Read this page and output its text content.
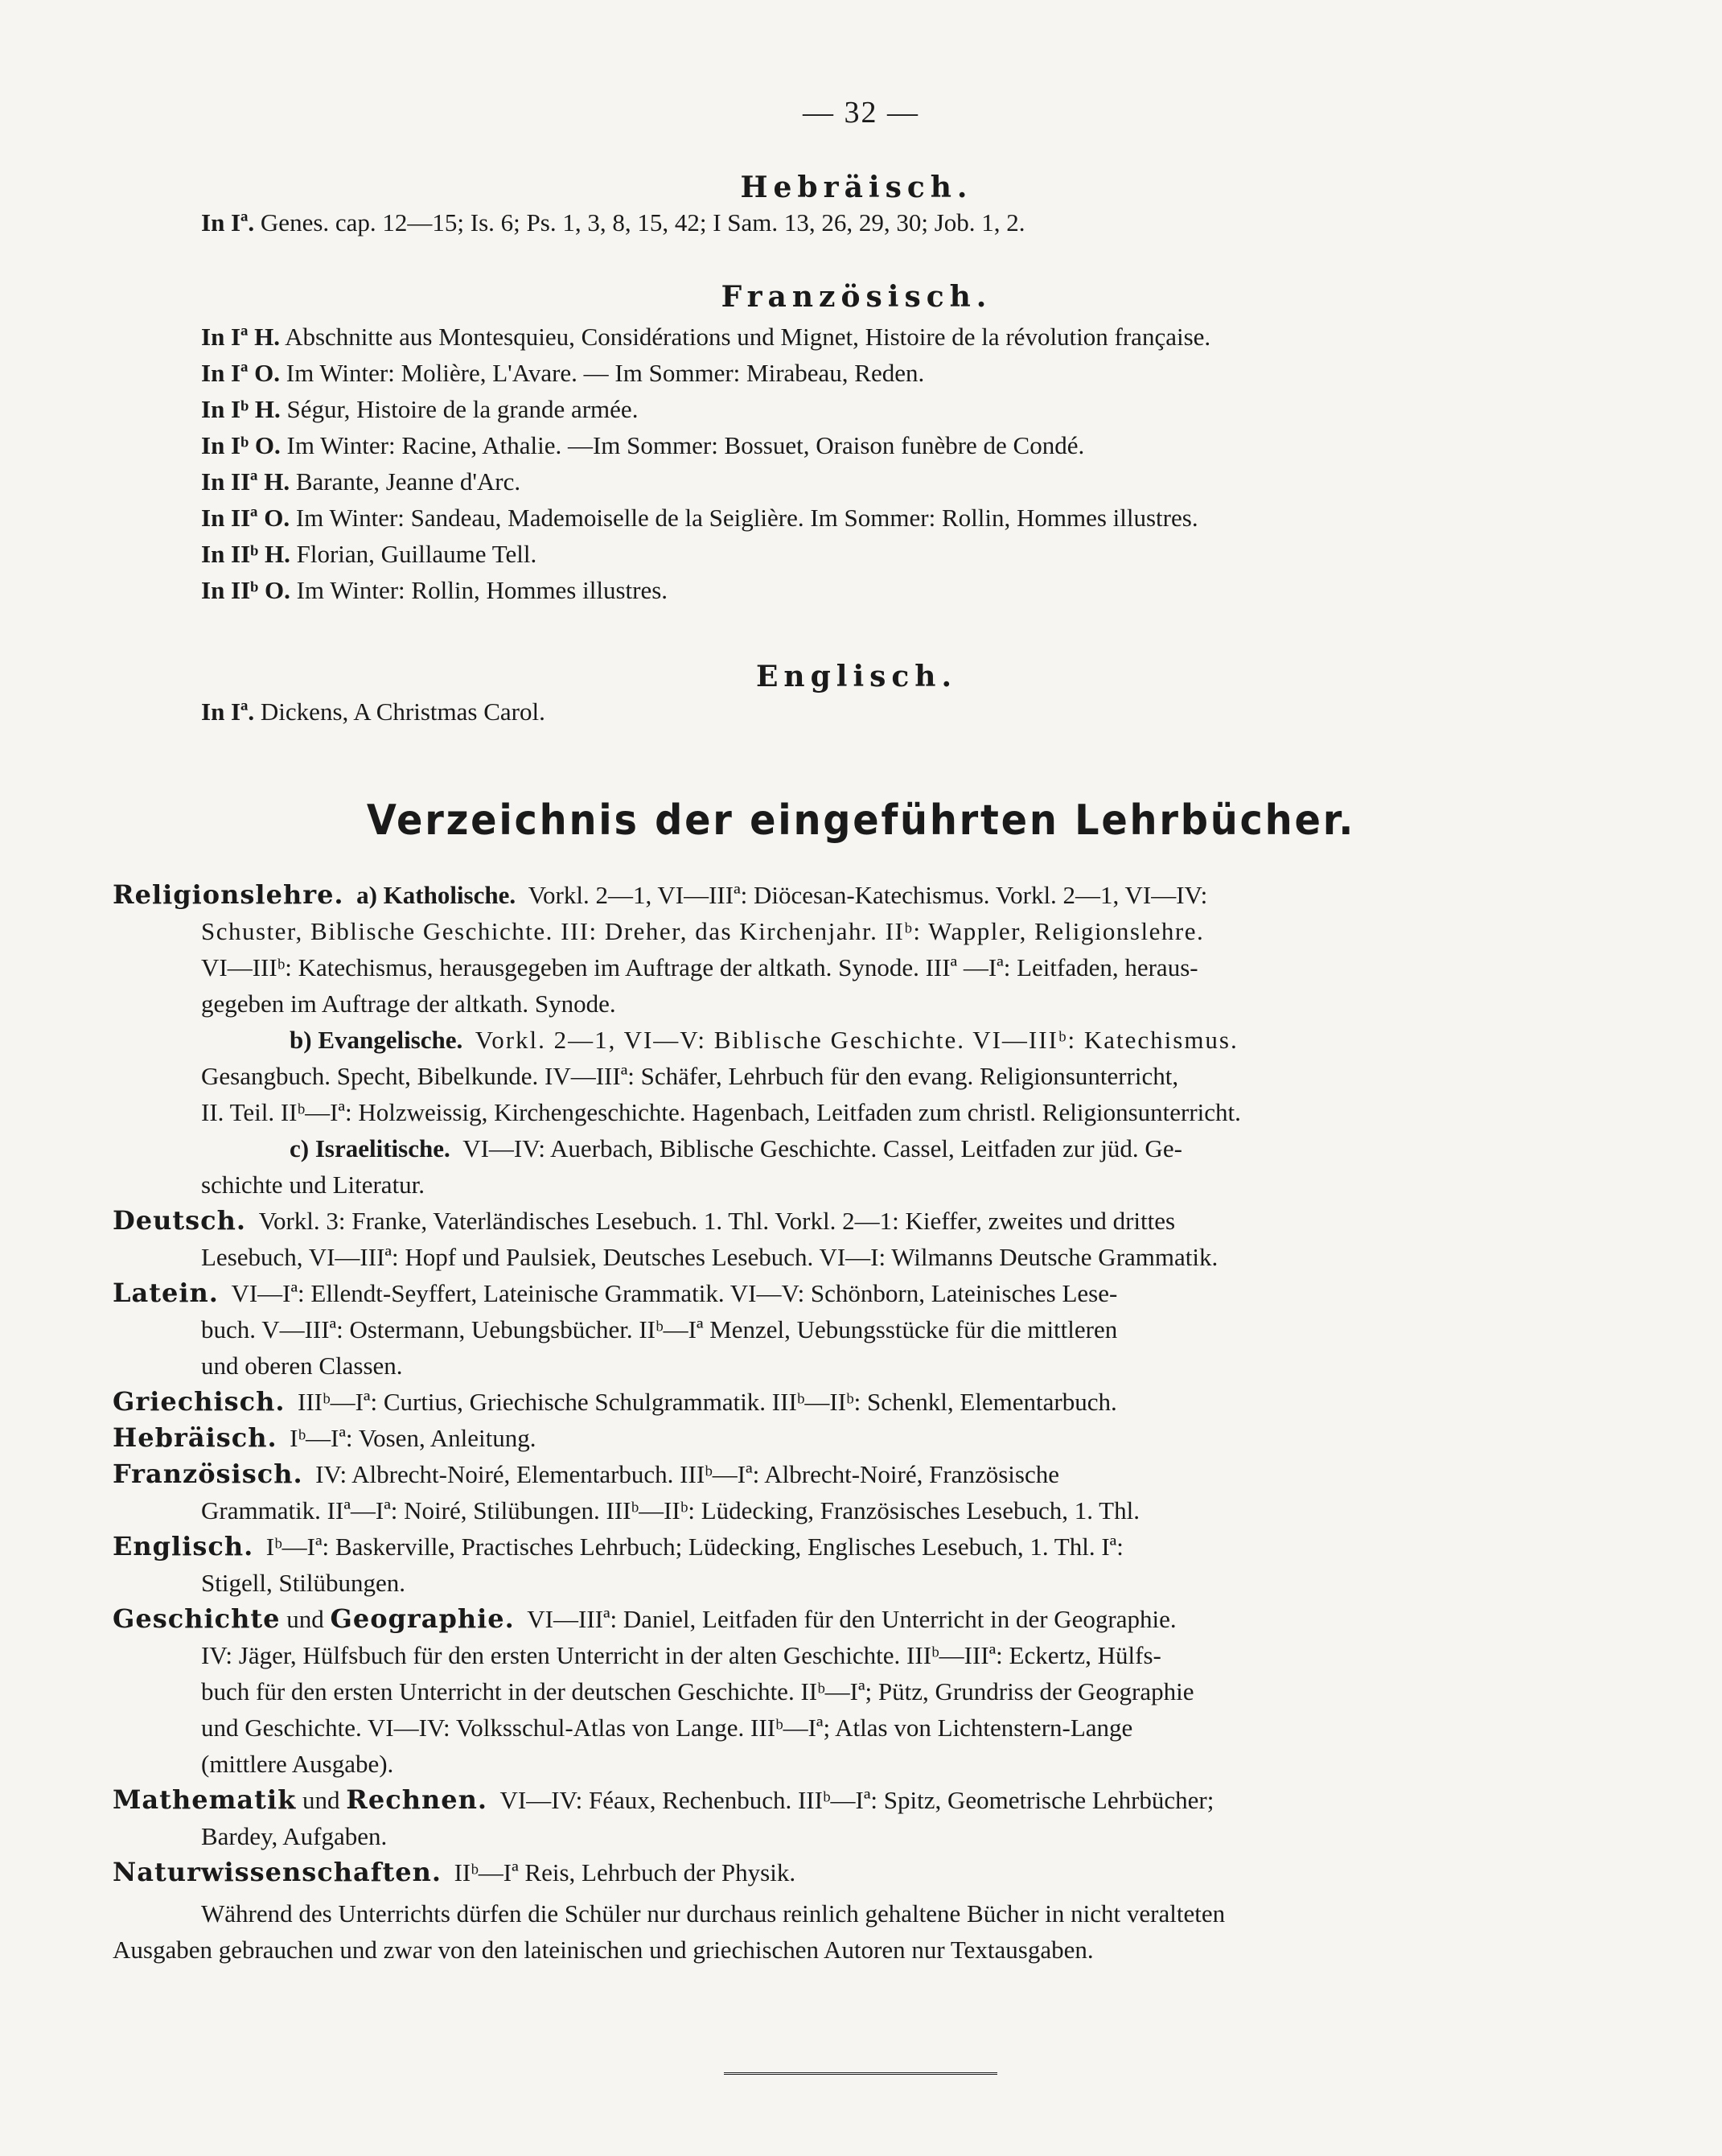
— 32 —
Hebräisch.
In Iª. Genes. cap. 12—15; Is. 6; Ps. 1, 3, 8, 15, 42; I Sam. 13, 26, 29, 30; Job. 1, 2.
Französisch.
In Iª H. Abschnitte aus Montesquieu, Considérations und Mignet, Histoire de la révolution française.
In Iª O. Im Winter: Molière, L'Avare. — Im Sommer: Mirabeau, Reden.
In Iᵇ H. Ségur, Histoire de la grande armée.
In Iᵇ O. Im Winter: Racine, Athalie. —Im Sommer: Bossuet, Oraison funèbre de Condé.
In IIª H. Barante, Jeanne d'Arc.
In IIª O. Im Winter: Sandeau, Mademoiselle de la Seiglière. Im Sommer: Rollin, Hommes illustres.
In IIᵇ H. Florian, Guillaume Tell.
In IIᵇ O. Im Winter: Rollin, Hommes illustres.
Englisch.
In Iª. Dickens, A Christmas Carol.
Verzeichnis der eingeführten Lehrbücher.
Religionslehre. a) Katholische. Vorkl. 2—1, VI—IIIª: Diöcesan-Katechismus. Vorkl. 2—1, VI—IV:
Schuster, Biblische Geschichte. III: Dreher, das Kirchenjahr. IIᵇ: Wappler, Religionslehre.
VI—IIIᵇ: Katechismus, herausgegeben im Auftrage der altkath. Synode. IIIª —Iª: Leitfaden, heraus-
gegeben im Auftrage der altkath. Synode.
b) Evangelische. Vorkl. 2—1, VI—V: Biblische Geschichte. VI—IIIᵇ: Katechismus.
Gesangbuch. Specht, Bibelkunde. IV—IIIª: Schäfer, Lehrbuch für den evang. Religionsunterricht,
II. Teil. IIᵇ—Iª: Holzweissig, Kirchengeschichte. Hagenbach, Leitfaden zum christl. Religionsunterricht.
c) Israelitische. VI—IV: Auerbach, Biblische Geschichte. Cassel, Leitfaden zur jüd. Ge-
schichte und Literatur.
Deutsch. Vorkl. 3: Franke, Vaterländisches Lesebuch. 1. Thl. Vorkl. 2—1: Kieffer, zweites und drittes
Lesebuch, VI—IIIª: Hopf und Paulsiek, Deutsches Lesebuch. VI—I: Wilmanns Deutsche Grammatik.
Latein. VI—Iª: Ellendt-Seyffert, Lateinische Grammatik. VI—V: Schönborn, Lateinisches Lese-
buch. V—IIIª: Ostermann, Uebungsbücher. IIᵇ—Iª Menzel, Uebungsstücke für die mittleren
und oberen Classen.
Griechisch. IIIᵇ—Iª: Curtius, Griechische Schulgrammatik. IIIᵇ—IIᵇ: Schenkl, Elementarbuch.
Hebräisch. Iᵇ—Iª: Vosen, Anleitung.
Französisch. IV: Albrecht-Noiré, Elementarbuch. IIIᵇ—Iª: Albrecht-Noiré, Französische
Grammatik. IIª—Iª: Noiré, Stilübungen. IIIᵇ—IIᵇ: Lüdecking, Französisches Lesebuch, 1. Thl.
Englisch. Iᵇ—Iª: Baskerville, Practisches Lehrbuch; Lüdecking, Englisches Lesebuch, 1. Thl. Iª:
Stigell, Stilübungen.
Geschichte und Geographie. VI—IIIª: Daniel, Leitfaden für den Unterricht in der Geographie.
IV: Jäger, Hülfsbuch für den ersten Unterricht in der alten Geschichte. IIIᵇ—IIIª: Eckertz, Hülfs-
buch für den ersten Unterricht in der deutschen Geschichte. IIᵇ—Iª; Pütz, Grundriss der Geographie
und Geschichte. VI—IV: Volksschul-Atlas von Lange. IIIᵇ—Iª; Atlas von Lichtenstern-Lange
(mittlere Ausgabe).
Mathematik und Rechnen. VI—IV: Féaux, Rechenbuch. IIIᵇ—Iª: Spitz, Geometrische Lehrbücher;
Bardey, Aufgaben.
Naturwissenschaften. IIᵇ—Iª Reis, Lehrbuch der Physik.
Während des Unterrichts dürfen die Schüler nur durchaus reinlich gehaltene Bücher in nicht veralteten
Ausgaben gebrauchen und zwar von den lateinischen und griechischen Autoren nur Textausgaben.
